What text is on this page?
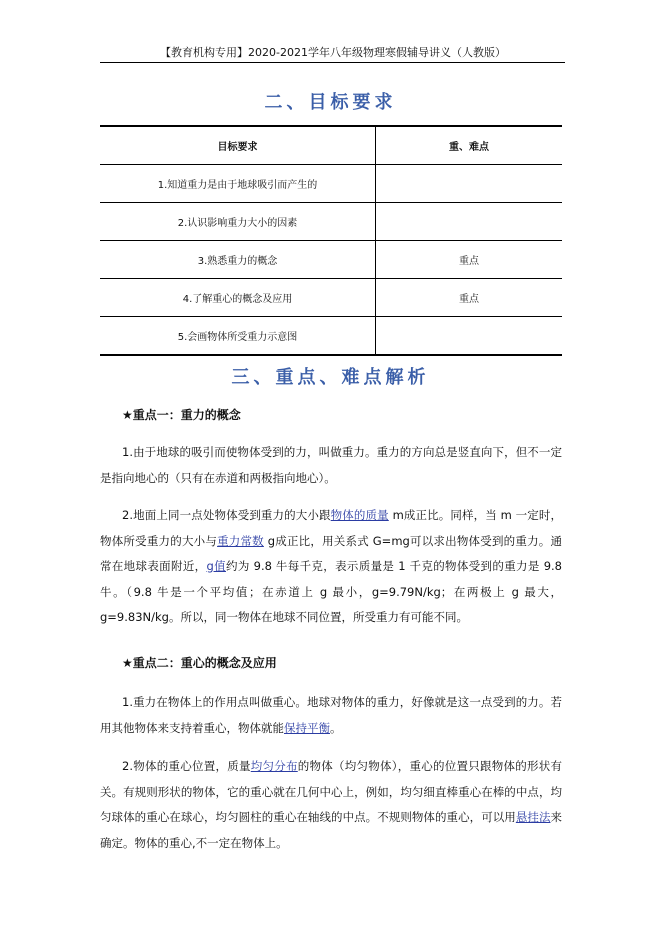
【教育机构专用】2020-2021学年八年级物理寒假辅导讲义（人教版）
二、目标要求
目标要求	重、难点
1.知道重力是由于地球吸引而产生的	
2.认识影响重力大小的因素	
3.熟悉重力的概念	重点
4.了解重心的概念及应用	重点
5.会画物体所受重力示意图	
三、重点、难点解析
★重点一：重力的概念
1.由于地球的吸引而使物体受到的力，叫做重力。重力的方向总是竖直向下，但不一定是指向地心的（只有在赤道和两极指向地心）。
2.地面上同一点处物体受到重力的大小跟物体的质量 m成正比。同样，当 m 一定时，物体所受重力的大小与重力常数 g成正比，用关系式 G=mg可以求出物体受到的重力。通常在地球表面附近，g值约为 9.8 牛每千克，表示质量是 1 千克的物体受到的重力是 9.8 牛。（9.8 牛是一个平均值；在赤道上 g 最小，g=9.79N/kg；在两极上 g 最大，g=9.83N/kg。所以，同一物体在地球不同位置，所受重力有可能不同。
★重点二：重心的概念及应用
1.重力在物体上的作用点叫做重心。地球对物体的重力，好像就是这一点受到的力。若用其他物体来支持着重心，物体就能保持平衡。
2.物体的重心位置，质量均匀分布的物体（均匀物体），重心的位置只跟物体的形状有关。有规则形状的物体，它的重心就在几何中心上，例如，均匀细直棒重心在棒的中点，均匀球体的重心在球心，均匀圆柱的重心在轴线的中点。不规则物体的重心，可以用悬挂法来确定。物体的重心,不一定在物体上。
